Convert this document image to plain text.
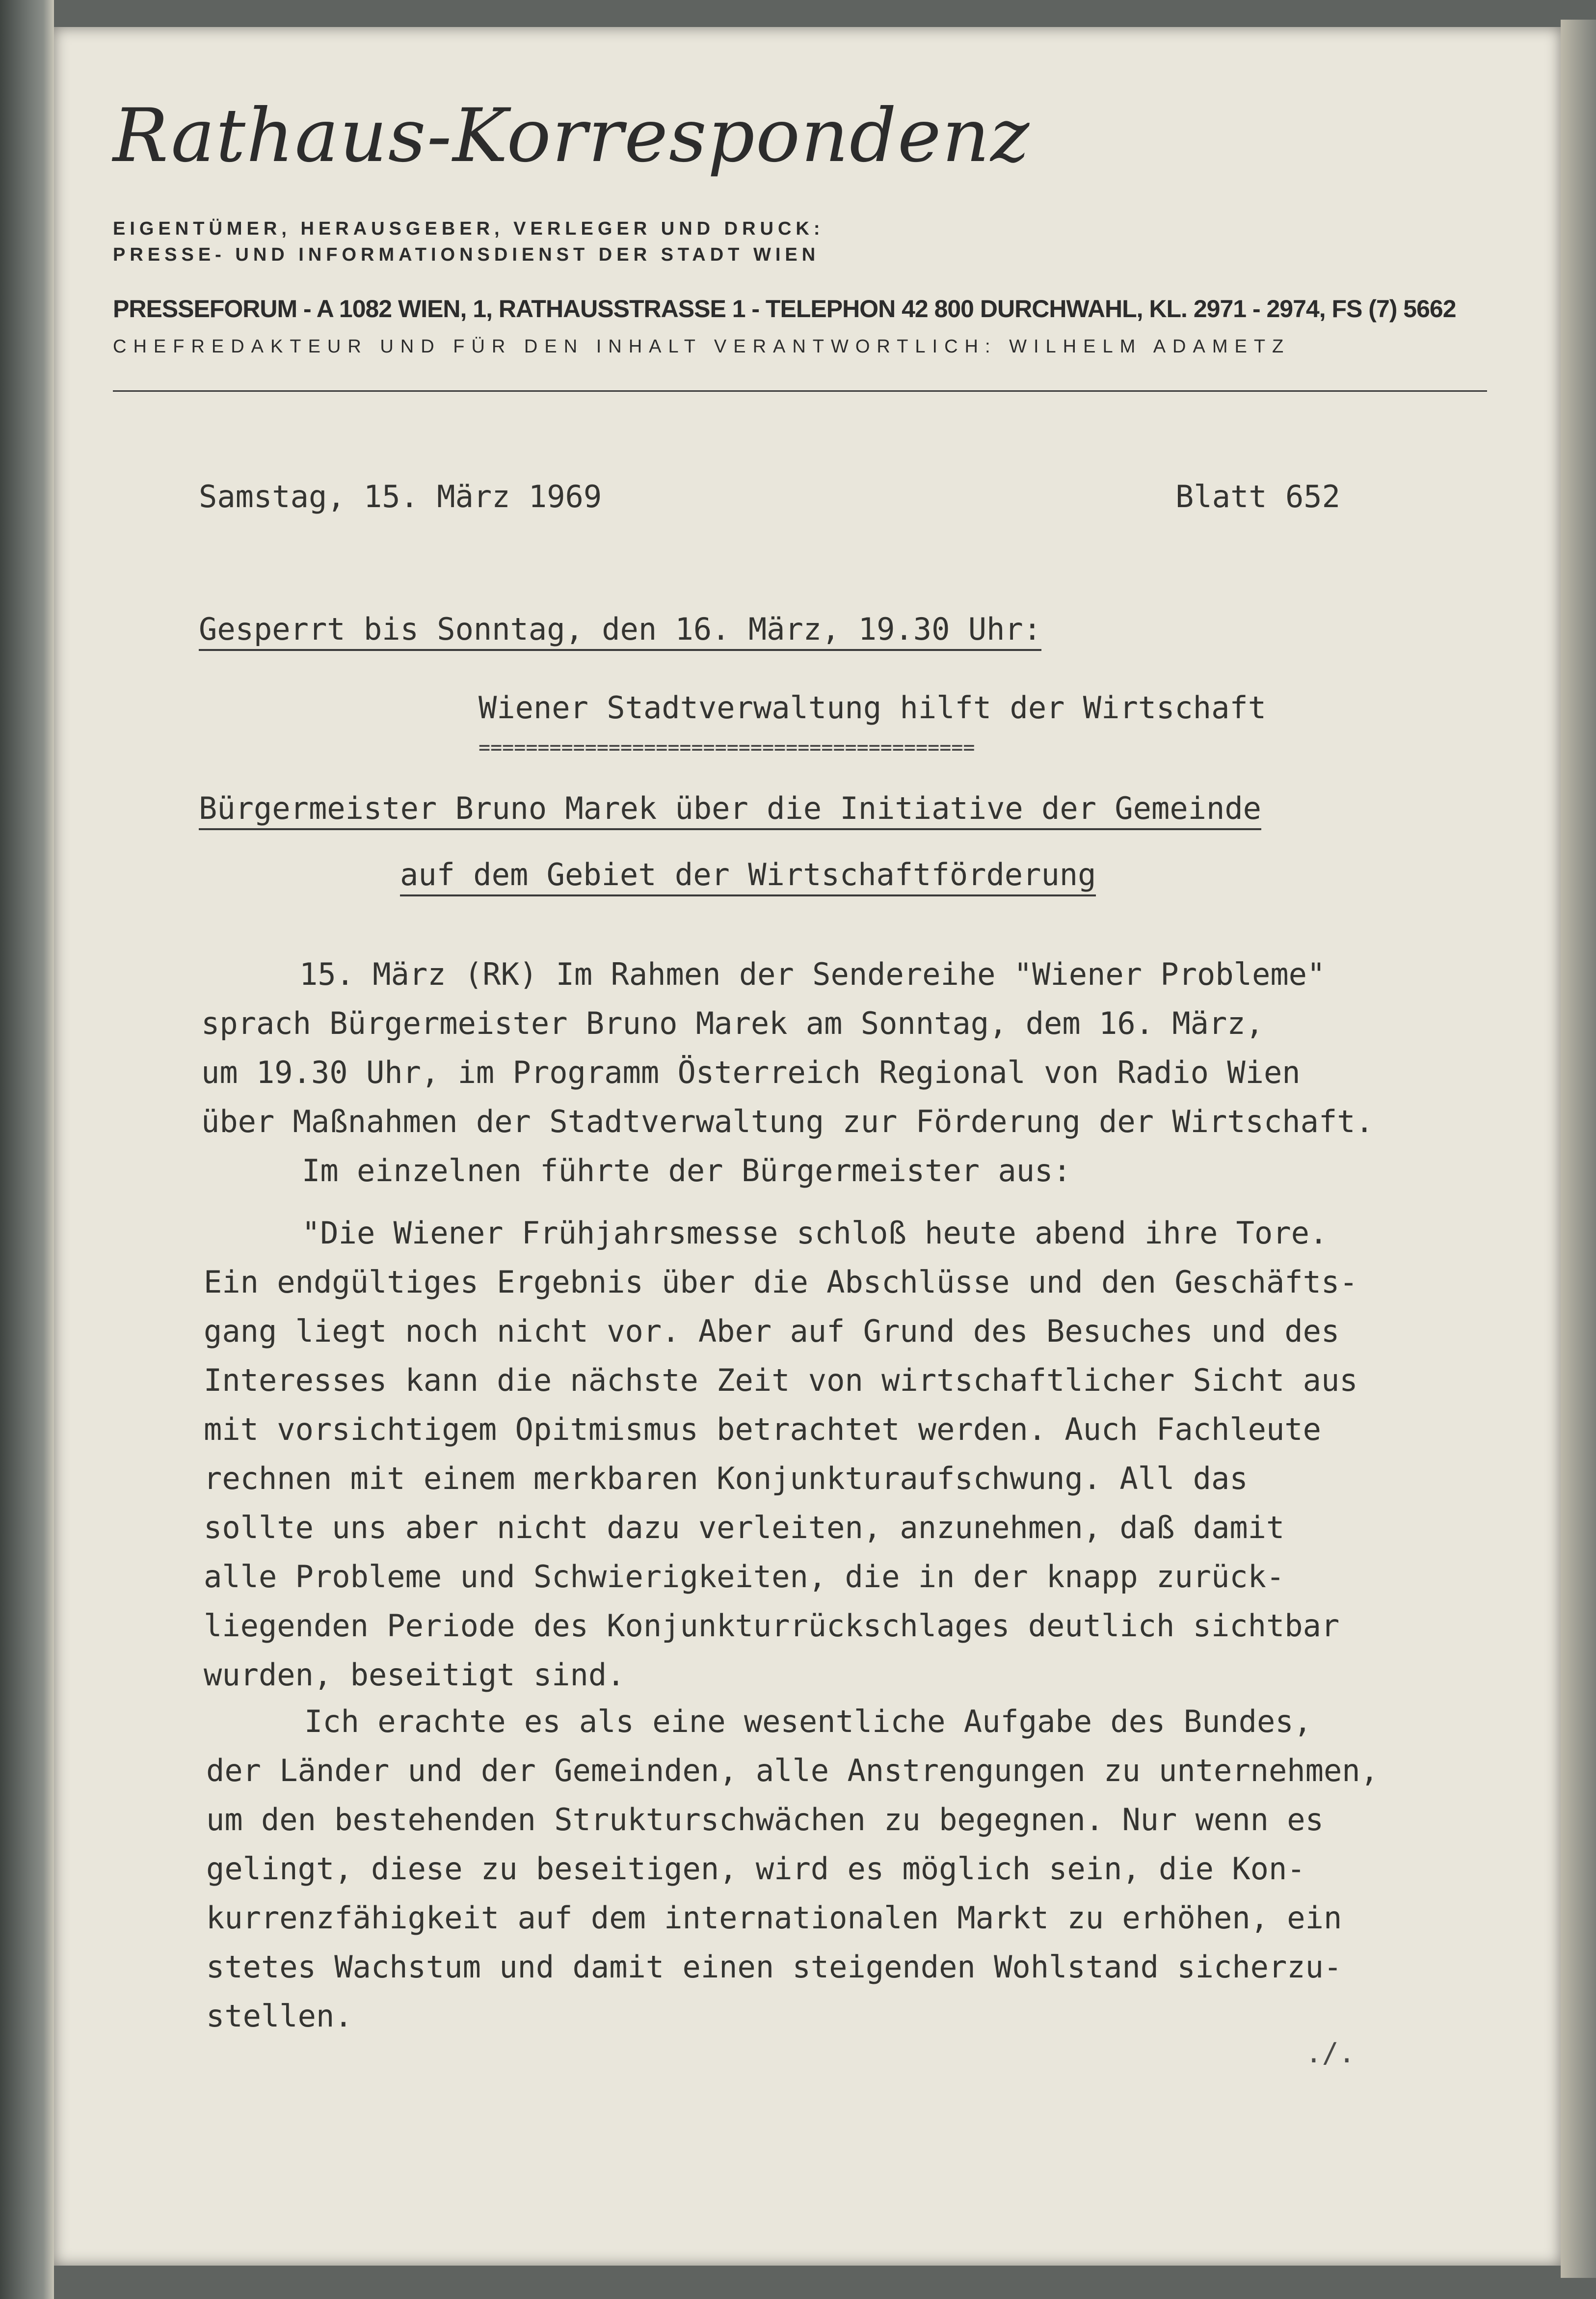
Rathaus-Korrespondenz
EIGENTÜMER, HERAUSGEBER, VERLEGER UND DRUCK:
PRESSE- UND INFORMATIONSDIENST DER STADT WIEN
PRESSEFORUM - A 1082 WIEN, 1, RATHAUSSTRASSE 1 - TELEPHON 42 800 DURCHWAHL, KL. 2971 - 2974, FS (7) 5662
CHEFREDAKTEUR UND FÜR DEN INHALT VERANTWORTLICH: WILHELM ADAMETZ
Samstag, 15. März 1969	Blatt 652
Gesperrt bis Sonntag, den 16. März, 19.30 Uhr:
Wiener Stadtverwaltung hilft der Wirtschaft
==========================================
Bürgermeister Bruno Marek über die Initiative der Gemeinde
auf dem Gebiet der Wirtschaftförderung
15. März (RK) Im Rahmen der Sendereihe "Wiener Probleme"
sprach Bürgermeister Bruno Marek am Sonntag, dem 16. März,
um 19.30 Uhr, im Programm Österreich Regional von Radio Wien
über Maßnahmen der Stadtverwaltung zur Förderung der Wirtschaft.
Im einzelnen führte der Bürgermeister aus:
"Die Wiener Frühjahrsmesse schloß heute abend ihre Tore.
Ein endgültiges Ergebnis über die Abschlüsse und den Geschäfts-
gang liegt noch nicht vor. Aber auf Grund des Besuches und des
Interesses kann die nächste Zeit von wirtschaftlicher Sicht aus
mit vorsichtigem Opitmismus betrachtet werden. Auch Fachleute
rechnen mit einem merkbaren Konjunkturaufschwung. All das
sollte uns aber nicht dazu verleiten, anzunehmen, daß damit
alle Probleme und Schwierigkeiten, die in der knapp zurück-
liegenden Periode des Konjunkturrückschlages deutlich sichtbar
wurden, beseitigt sind.
Ich erachte es als eine wesentliche Aufgabe des Bundes,
der Länder und der Gemeinden, alle Anstrengungen zu unternehmen,
um den bestehenden Strukturschwächen zu begegnen. Nur wenn es
gelingt, diese zu beseitigen, wird es möglich sein, die Kon-
kurrenzfähigkeit auf dem internationalen Markt zu erhöhen, ein
stetes Wachstum und damit einen steigenden Wohlstand sicherzu-
stellen.
./.
